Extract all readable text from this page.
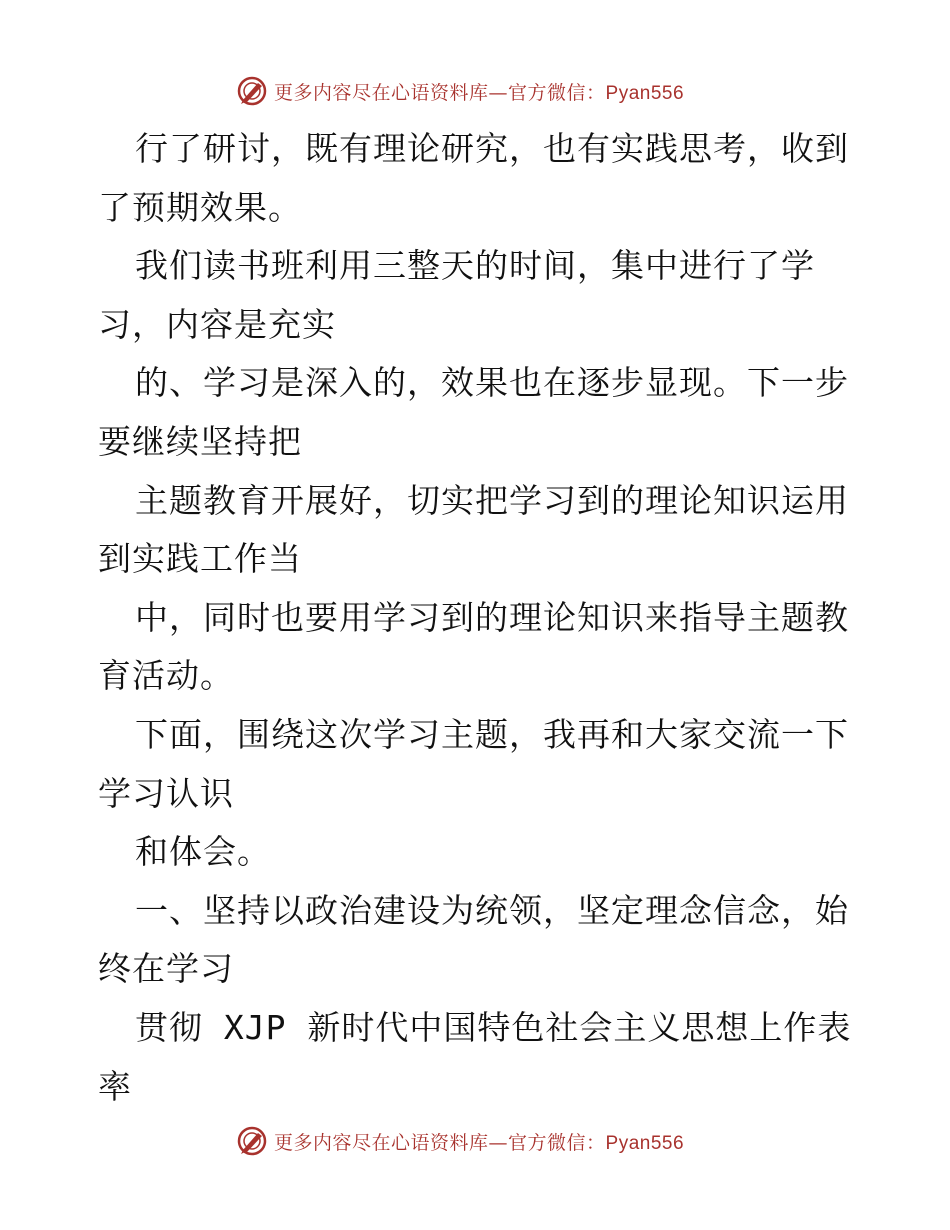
更多内容尽在心语资料库—官方微信：Pyan556
行了研讨，既有理论研究，也有实践思考，收到
了预期效果。
我们读书班利用三整天的时间，集中进行了学
习，内容是充实
的、学习是深入的，效果也在逐步显现。下一步
要继续坚持把
主题教育开展好，切实把学习到的理论知识运用
到实践工作当
中，同时也要用学习到的理论知识来指导主题教
育活动。
下面，围绕这次学习主题，我再和大家交流一下
学习认识
和体会。
一、坚持以政治建设为统领，坚定理念信念，始
终在学习
贯彻 XJP 新时代中国特色社会主义思想上作表
率
更多内容尽在心语资料库—官方微信：Pyan556
